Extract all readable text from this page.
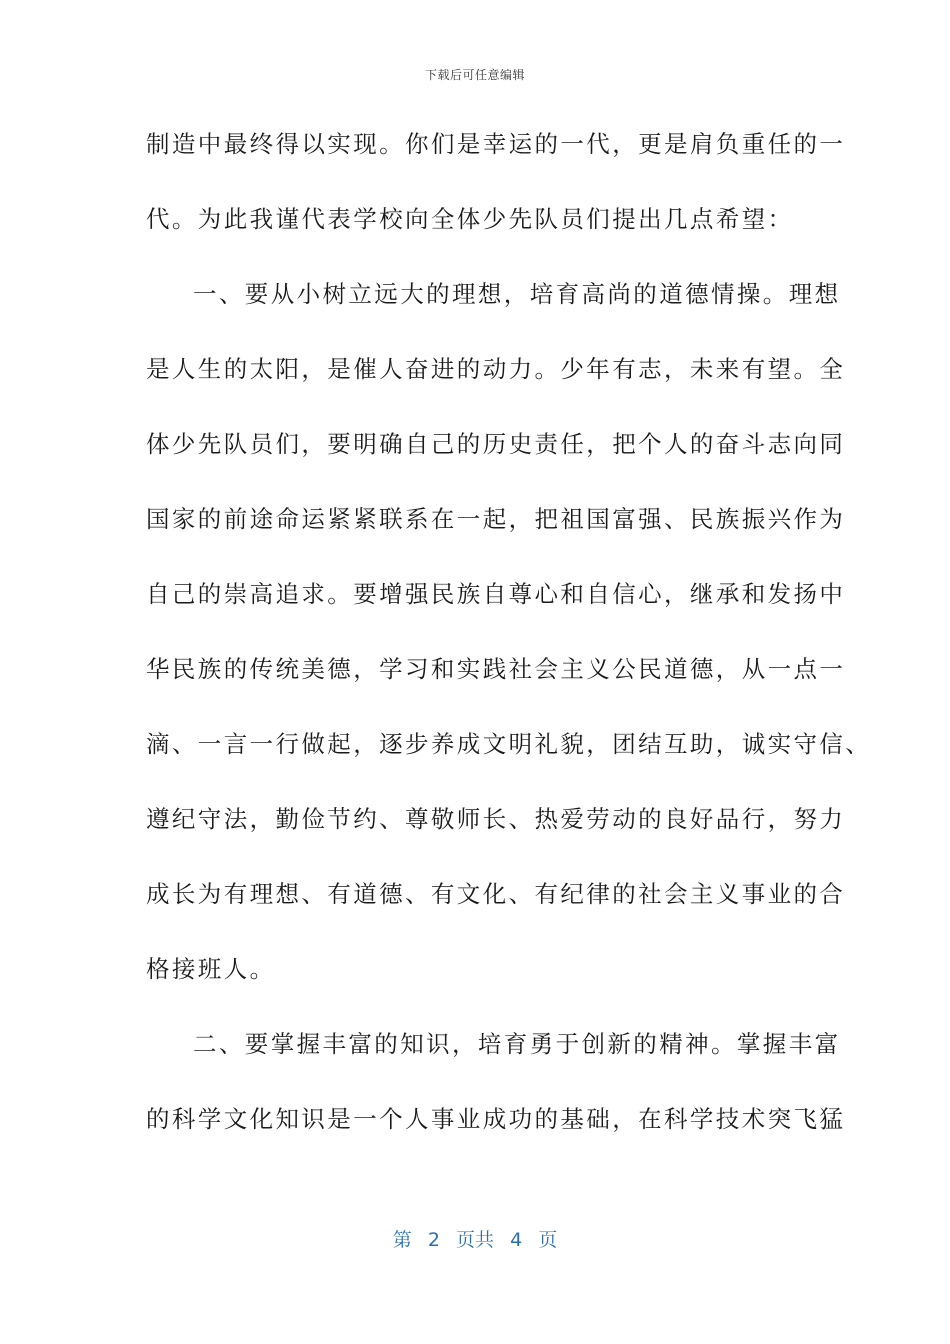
下载后可任意编辑
制造中最终得以实现。你们是幸运的一代，更是肩负重任的一
代。为此我谨代表学校向全体少先队员们提出几点希望：
一、要从小树立远大的理想，培育高尚的道德情操。理想
是人生的太阳，是催人奋进的动力。少年有志，未来有望。全
体少先队员们，要明确自己的历史责任，把个人的奋斗志向同
国家的前途命运紧紧联系在一起，把祖国富强、民族振兴作为
自己的崇高追求。要增强民族自尊心和自信心，继承和发扬中
华民族的传统美德，学习和实践社会主义公民道德，从一点一
滴、一言一行做起，逐步养成文明礼貌，团结互助，诚实守信、
遵纪守法，勤俭节约、尊敬师长、热爱劳动的良好品行，努力
成长为有理想、有道德、有文化、有纪律的社会主义事业的合
格接班人。
二、要掌握丰富的知识，培育勇于创新的精神。掌握丰富
的科学文化知识是一个人事业成功的基础，在科学技术突飞猛
第  2  页共  4  页
